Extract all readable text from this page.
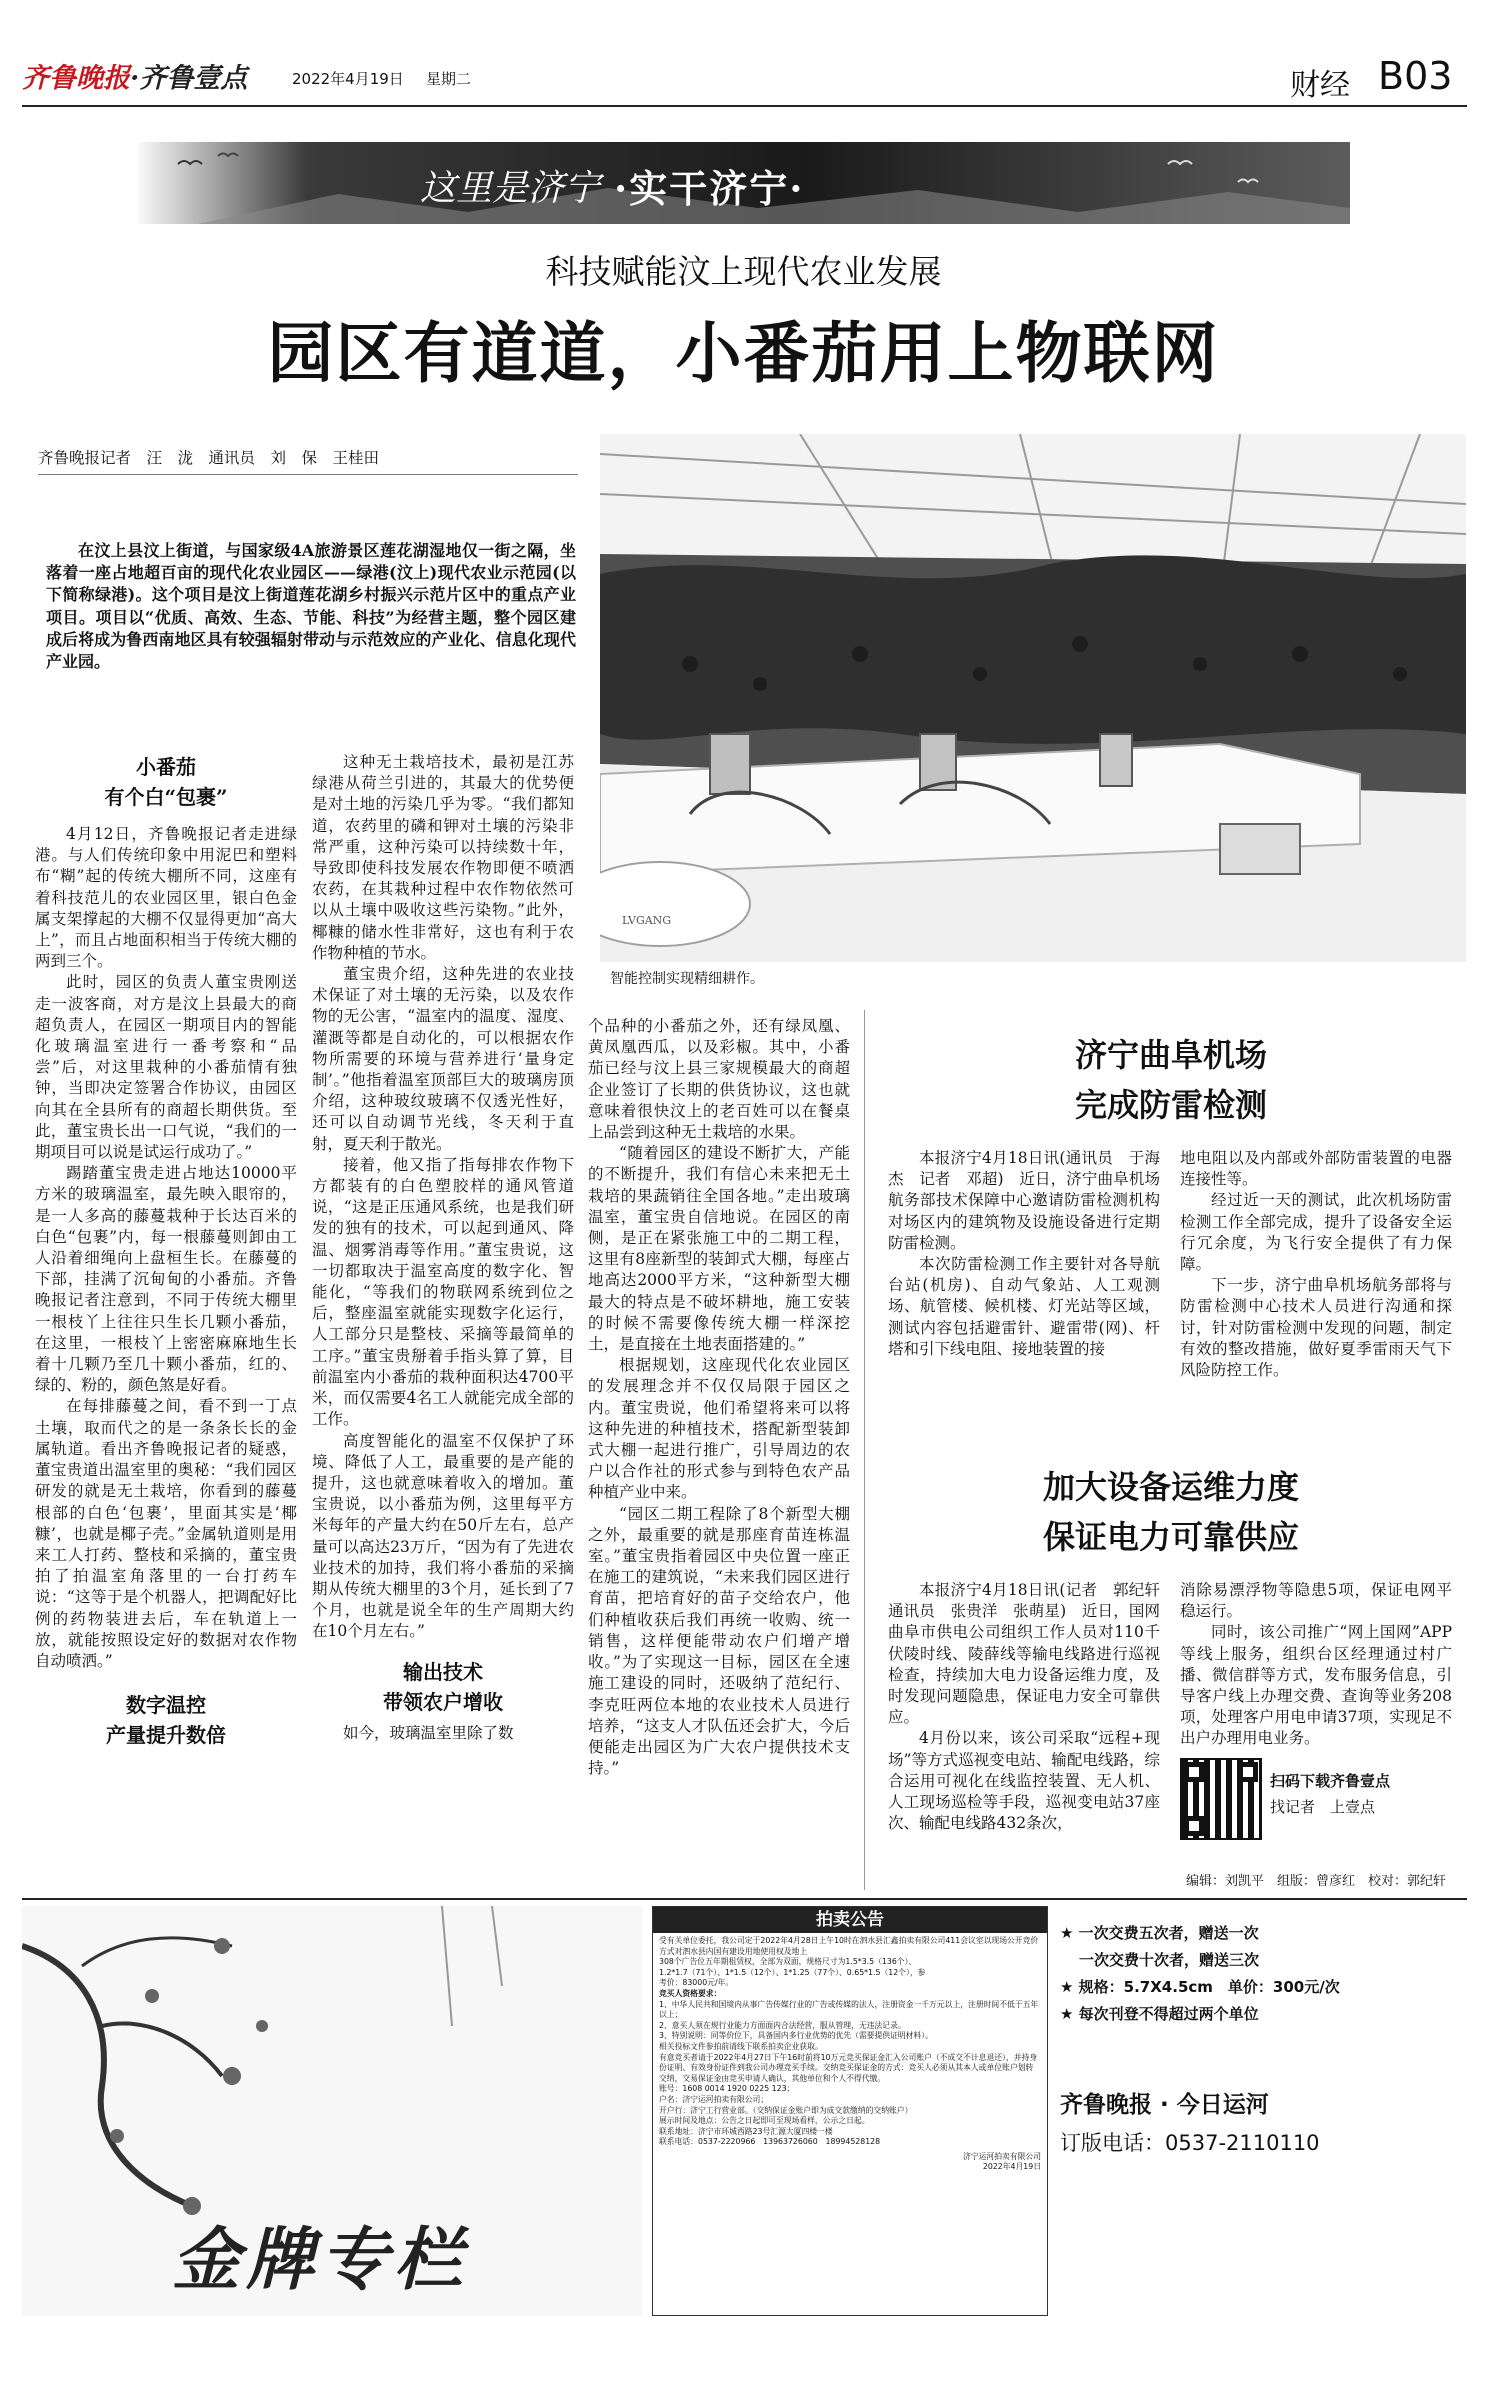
齐鲁晚报·齐鲁壹点	2022年4月19日 星期二	财经 B03
这里是济宁 ·实干济宁·
科技赋能汶上现代农业发展
园区有道道，小番茄用上物联网
齐鲁晚报记者　汪　泷　通讯员　刘　保　王桂田

在汶上县汶上街道，与国家级4A旅游景区莲花湖湿地仅一街之隔，坐落着一座占地超百亩的现代化农业园区——绿港(汶上)现代农业示范园(以下简称绿港)。这个项目是汶上街道莲花湖乡村振兴示范片区中的重点产业项目。项目以“优质、高效、生态、节能、科技”为经营主题，整个园区建成后将成为鲁西南地区具有较强辐射带动与示范效应的产业化、信息化现代产业园。

LVGANG
智能控制实现精细耕作。
小番茄
有个白“包裹”

4月12日，齐鲁晚报记者走进绿港。与人们传统印象中用泥巴和塑料布“糊”起的传统大棚所不同，这座有着科技范儿的农业园区里，银白色金属支架撑起的大棚不仅显得更加“高大上”，而且占地面积相当于传统大棚的两到三个。

此时，园区的负责人董宝贵刚送走一波客商，对方是汶上县最大的商超负责人，在园区一期项目内的智能化玻璃温室进行一番考察和“品尝”后，对这里栽种的小番茄情有独钟，当即决定签署合作协议，由园区向其在全县所有的商超长期供货。至此，董宝贵长出一口气说，“我们的一期项目可以说是试运行成功了。”

踢踏董宝贵走进占地达10000平方米的玻璃温室，最先映入眼帘的，是一人多高的藤蔓栽种于长达百米的白色“包裹”内，每一根藤蔓则卸由工人沿着细绳向上盘桓生长。在藤蔓的下部，挂满了沉甸甸的小番茄。齐鲁晚报记者注意到，不同于传统大棚里一根枝丫上往往只生长几颗小番茄，在这里，一根枝丫上密密麻麻地生长着十几颗乃至几十颗小番茄，红的、绿的、粉的，颜色煞是好看。

在每排藤蔓之间，看不到一丁点土壤，取而代之的是一条条长长的金属轨道。看出齐鲁晚报记者的疑惑，董宝贵道出温室里的奥秘：“我们园区研发的就是无土栽培，你看到的藤蔓根部的白色‘包裹’，里面其实是‘椰糠’，也就是椰子壳。”金属轨道则是用来工人打药、整枝和采摘的，董宝贵拍了拍温室角落里的一台打药车说：“这等于是个机器人，把调配好比例的药物装进去后，车在轨道上一放，就能按照设定好的数据对农作物自动喷洒。”

数字温控
产量提升数倍

这种无土栽培技术，最初是江苏绿港从荷兰引进的，其最大的优势便是对土地的污染几乎为零。“我们都知道，农药里的磷和钾对土壤的污染非常严重，这种污染可以持续数十年，导致即使科技发展农作物即便不喷洒农药，在其栽种过程中农作物依然可以从土壤中吸收这些污染物。”此外，椰糠的储水性非常好，这也有利于农作物种植的节水。

董宝贵介绍，这种先进的农业技术保证了对土壤的无污染，以及农作物的无公害，“温室内的温度、湿度、灌溉等都是自动化的，可以根据农作物所需要的环境与营养进行‘量身定制’。”他指着温室顶部巨大的玻璃房顶介绍，这种玻纹玻璃不仅透光性好，还可以自动调节光线，冬天利于直射，夏天利于散光。

接着，他又指了指每排农作物下方都装有的白色塑胶样的通风管道说，“这是正压通风系统，也是我们研发的独有的技术，可以起到通风、降温、烟雾消毒等作用。”董宝贵说，这一切都取决于温室高度的数字化、智能化，“等我们的物联网系统到位之后，整座温室就能实现数字化运行，人工部分只是整枝、采摘等最简单的工序。”董宝贵掰着手指头算了算，目前温室内小番茄的栽种面积达4700平米，而仅需要4名工人就能完成全部的工作。

高度智能化的温室不仅保护了环境、降低了人工，最重要的是产能的提升，这也就意味着收入的增加。董宝贵说，以小番茄为例，这里每平方米每年的产量大约在50斤左右，总产量可以高达23万斤，“因为有了先进农业技术的加持，我们将小番茄的采摘期从传统大棚里的3个月，延长到了7个月，也就是说全年的生产周期大约在10个月左右。”

输出技术
带领农户增收

如今，玻璃温室里除了数

个品种的小番茄之外，还有绿凤凰、黄凤凰西瓜，以及彩椒。其中，小番茄已经与汶上县三家规模最大的商超企业签订了长期的供货协议，这也就意味着很快汶上的老百姓可以在餐桌上品尝到这种无土栽培的水果。

“随着园区的建设不断扩大，产能的不断提升，我们有信心未来把无土栽培的果蔬销往全国各地。”走出玻璃温室，董宝贵自信地说。在园区的南侧，是正在紧张施工中的二期工程，这里有8座新型的装卸式大棚，每座占地高达2000平方米，“这种新型大棚最大的特点是不破坏耕地，施工安装的时候不需要像传统大棚一样深挖土，是直接在土地表面搭建的。”

根据规划，这座现代化农业园区的发展理念并不仅仅局限于园区之内。董宝贵说，他们希望将来可以将这种先进的种植技术，搭配新型装卸式大棚一起进行推广，引导周边的农户以合作社的形式参与到特色农产品种植产业中来。

“园区二期工程除了8个新型大棚之外，最重要的就是那座育苗连栋温室。”董宝贵指着园区中央位置一座正在施工的建筑说，“未来我们园区进行育苗，把培育好的苗子交给农户，他们种植收获后我们再统一收购、统一销售，这样便能带动农户们增产增收。”为了实现这一目标，园区在全速施工建设的同时，还吸纳了范纪行、李克旺两位本地的农业技术人员进行培养，“这支人才队伍还会扩大，今后便能走出园区为广大农户提供技术支持。”

济宁曲阜机场
完成防雷检测

本报济宁4月18日讯(通讯员　于海杰　记者　邓超)　近日，济宁曲阜机场航务部技术保障中心邀请防雷检测机构对场区内的建筑物及设施设备进行定期防雷检测。

本次防雷检测工作主要针对各导航台站(机房)、自动气象站、人工观测场、航管楼、候机楼、灯光站等区域，测试内容包括避雷针、避雷带(网)、杆塔和引下线电阻、接地装置的接

地电阻以及内部或外部防雷装置的电器连接性等。

经过近一天的测试，此次机场防雷检测工作全部完成，提升了设备安全运行冗余度，为飞行安全提供了有力保障。

下一步，济宁曲阜机场航务部将与防雷检测中心技术人员进行沟通和探讨，针对防雷检测中发现的问题，制定有效的整改措施，做好夏季雷雨天气下风险防控工作。

加大设备运维力度
保证电力可靠供应

本报济宁4月18日讯(记者　郭纪轩　通讯员　张贵洋　张萌星)　近日，国网曲阜市供电公司组织工作人员对110千伏陵时线、陵薛线等输电线路进行巡视检查，持续加大电力设备运维力度，及时发现问题隐患，保证电力安全可靠供应。

4月份以来，该公司采取“远程+现场”等方式巡视变电站、输配电线路，综合运用可视化在线监控装置、无人机、人工现场巡检等手段，巡视变电站37座次、输配电线路432条次，

消除易漂浮物等隐患5项，保证电网平稳运行。

同时，该公司推广“网上国网”APP等线上服务，组织台区经理通过村广播、微信群等方式，发布服务信息，引导客户线上办理交费、查询等业务208项，处理客户用电申请37项，实现足不出户办理用电业务。

扫码下载齐鲁壹点
找记者　上壹点
编辑：刘凯平　组版：曾彦红　校对：郭纪轩
金牌专栏
拍卖公告
受有关单位委托，我公司定于2022年4月28日上午10时在泗水县汇鑫拍卖有限公司411会议室以现场公开竞价方式对泗水县内国有建设用地使用权及地上
308个广告位五年期租赁权，全部为双面，规格尺寸为1.5*3.5（136个）、
1.2*1.7（71个）、1*1.5（12个）、1*1.25（77个）、0.65*1.5（12个），参
考价：83000元/年。
竞买人资格要求：
1、中华人民共和国境内从事广告传媒行业的广告或传媒的法人，注册资金一千万元以上，注册时间不低于五年以上；
2、意买人须在规行业能力方面面内合法经营，服从管理，无违法记录。
3、特别说明：同等价位下，具备国内多行业优势的优先（需要提供证明材料）。
相关投标文件参拍前请线下联系拍卖企业获取。
有意竞买者请于2022年4月27日下午16时前将10万元竞买保证金汇入公司账户（不成交不计息退还），并持身份证明、有效身份证件到我公司办理竞买手续。交纳竞买保证金的方式：竞买人必须从其本人或单位账户划转交纳，交易保证金由竞买申请人确认，其他单位和个人不得代缴。
账号：1608 0014 1920 0225 123；
户名：济宁运河拍卖有限公司；
开户行：济宁工行营业部。（交纳保证金账户即为成交款缴纳的交纳账户）
展示时间及地点：公告之日起即可至现场看样，公示之日起。
联系地址：济宁市环城西路23号汇源大厦四楼一楼
联系电话：0537-2220966　13963726060　18994528128
济宁运河拍卖有限公司
2022年4月19日
★ 一次交费五次者，赠送一次
一次交费十次者，赠送三次
★ 规格：5.7X4.5cm　单价：300元/次
★ 每次刊登不得超过两个单位
齐鲁晚报 · 今日运河
订版电话：0537-2110110
